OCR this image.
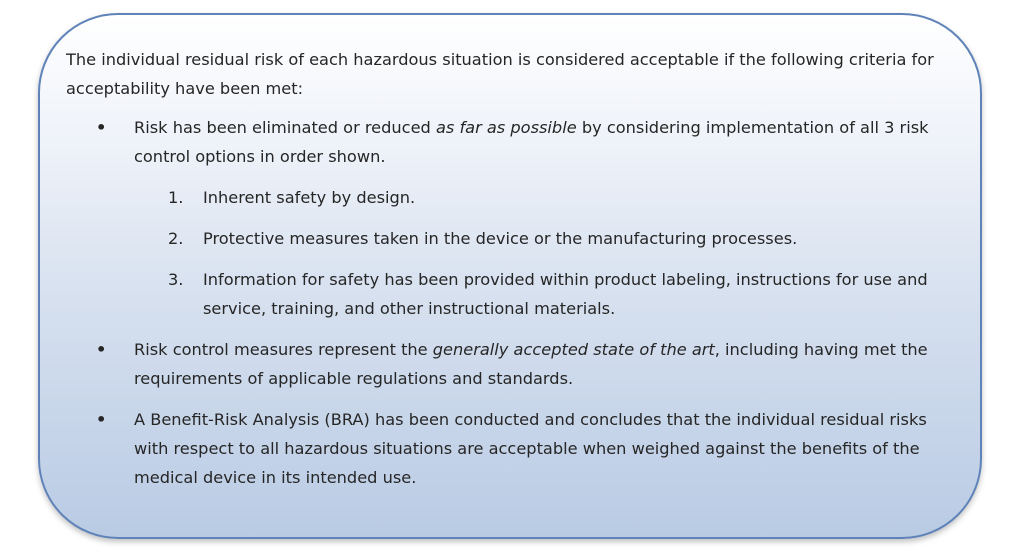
The individual residual risk of each hazardous situation is considered acceptable if the following criteria for acceptability have been met:

• Risk has been eliminated or reduced as far as possible by considering implementation of all 3 risk control options in order shown.
1. Inherent safety by design.
2. Protective measures taken in the device or the manufacturing processes.
3. Information for safety has been provided within product labeling, instructions for use and service, training, and other instructional materials.
• Risk control measures represent the generally accepted state of the art, including having met the requirements of applicable regulations and standards.
• A Benefit-Risk Analysis (BRA) has been conducted and concludes that the individual residual risks with respect to all hazardous situations are acceptable when weighed against the benefits of the medical device in its intended use.
